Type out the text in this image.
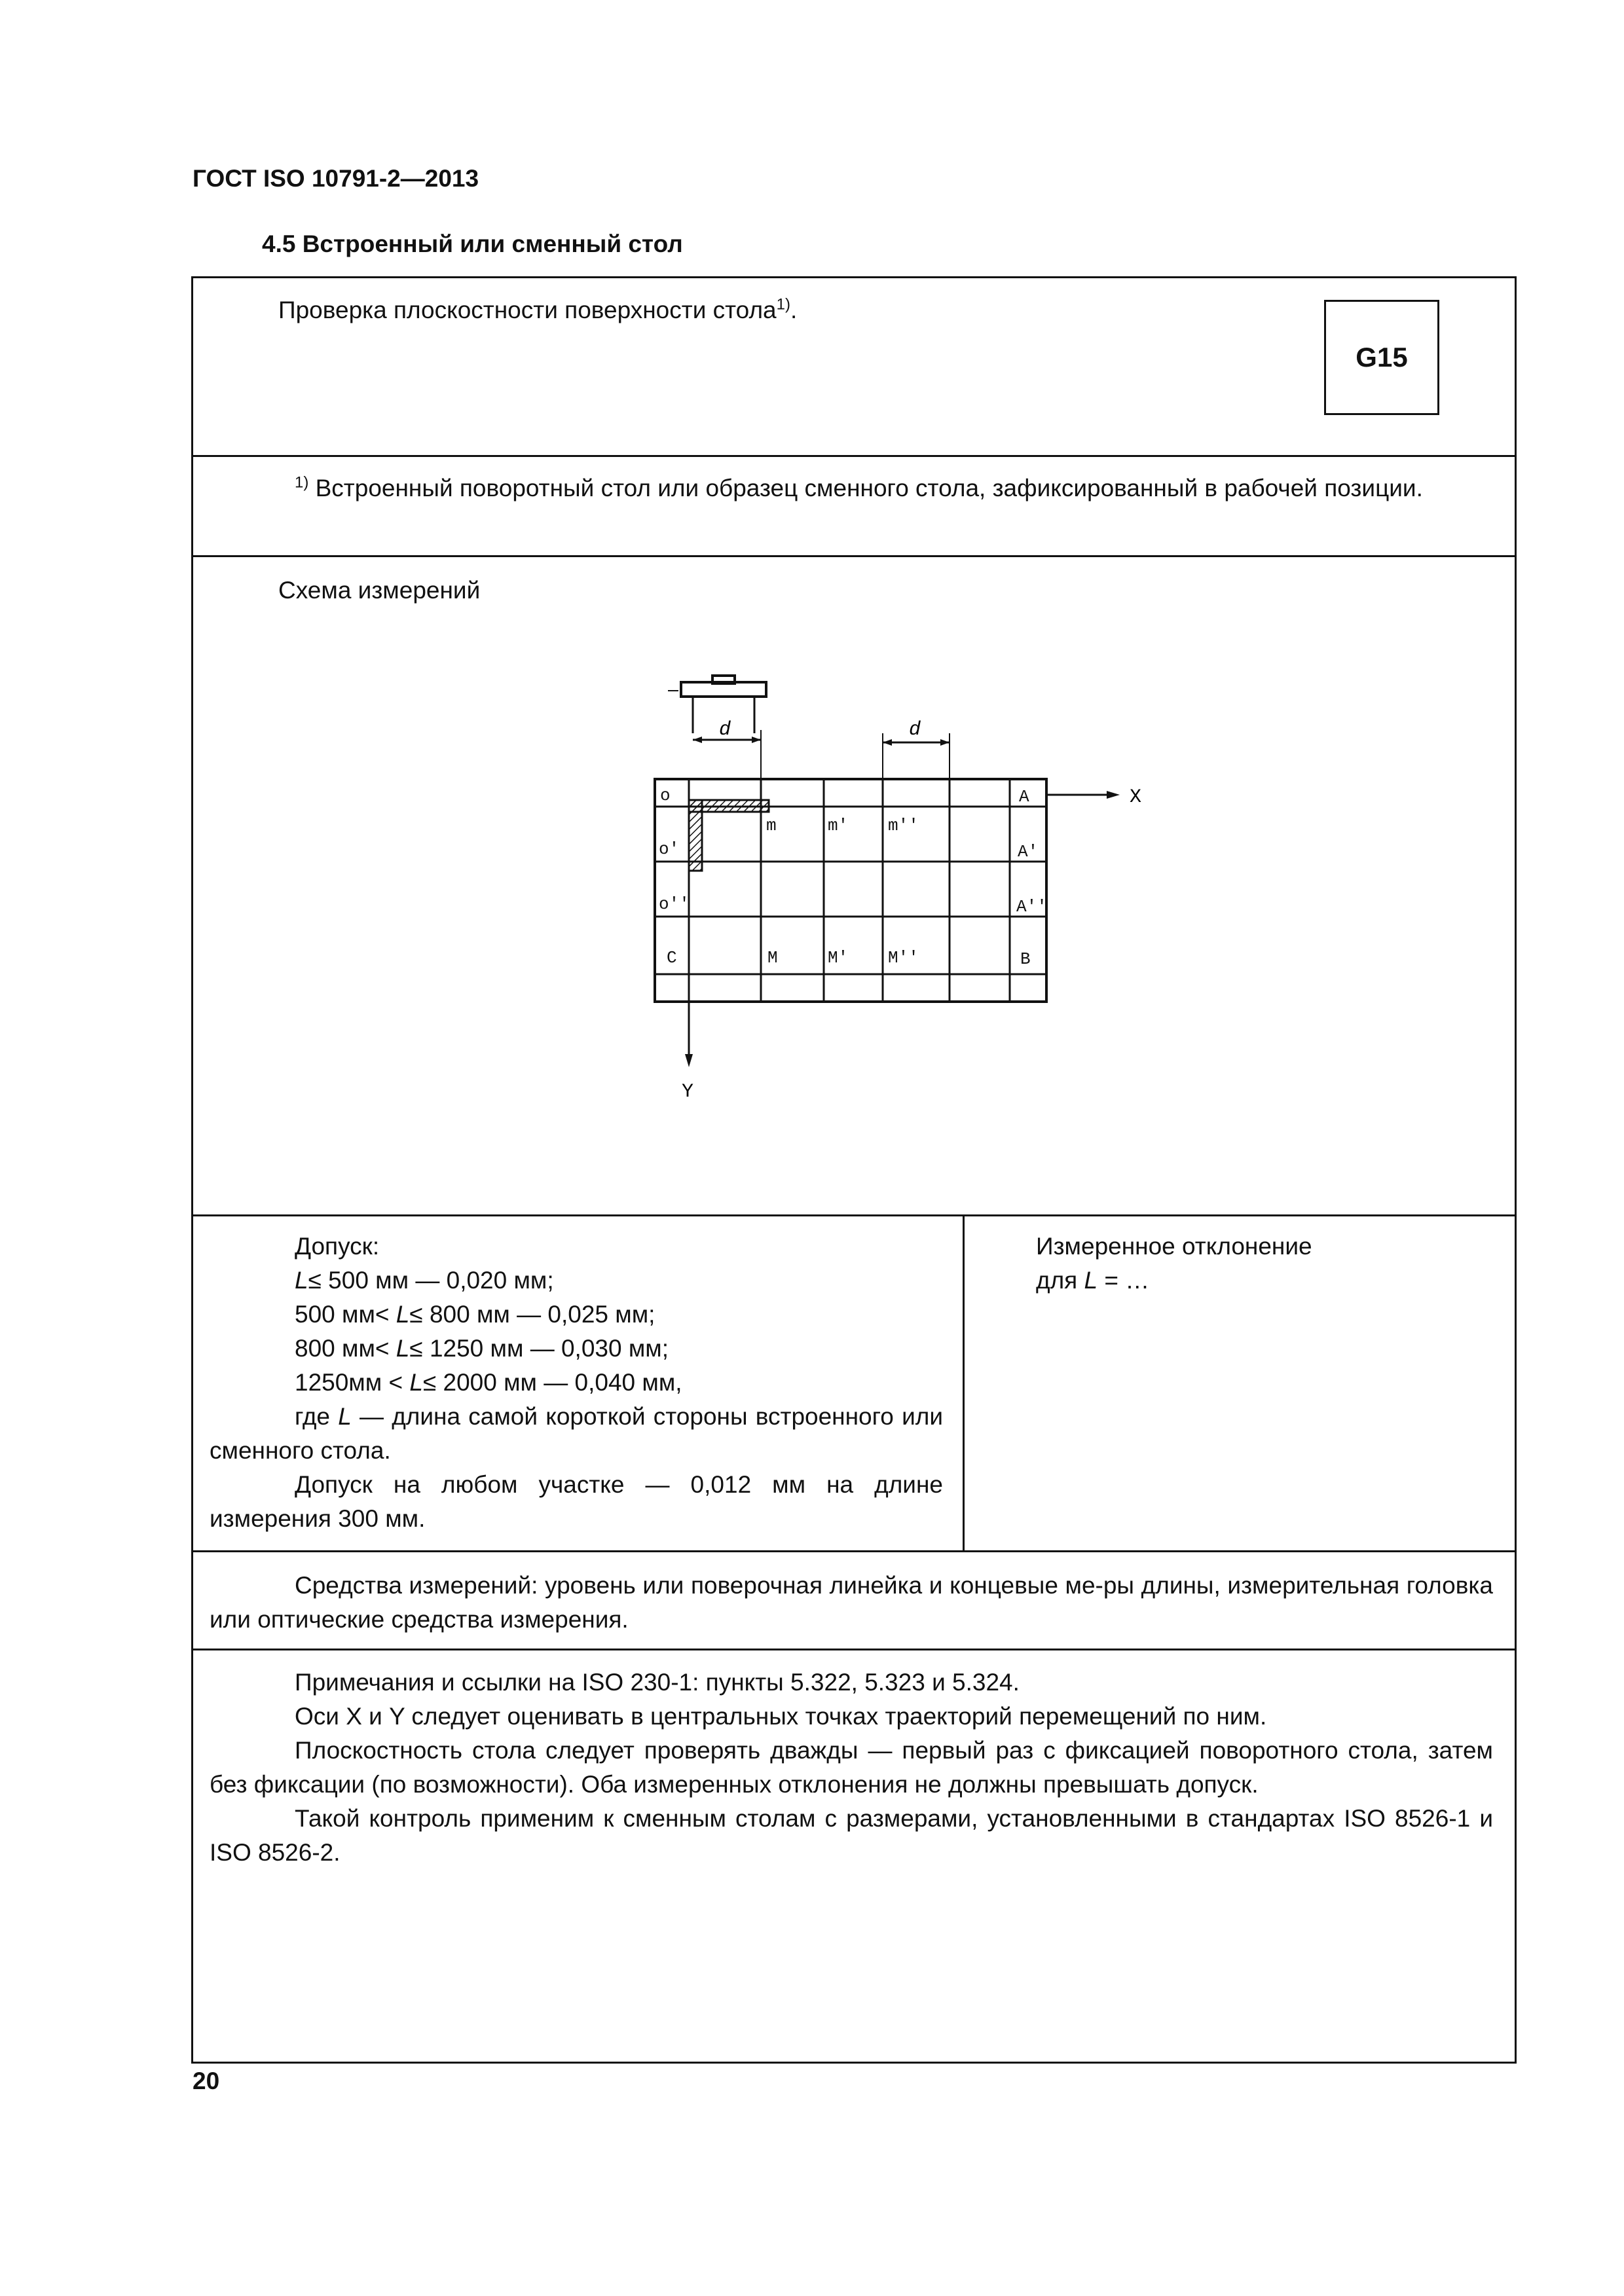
ГОСТ ISO 10791-2—2013
4.5 Встроенный или сменный стол
Проверка плоскостности поверхности стола$^{1)}$.
G15
$^{1)}$ Встроенный поворотный стол или образец сменного стола, зафиксированный в рабочей позиции.
Схема измерений
d	d
X
Y
o
o'
o''
m	m' m''
A
A'
A''
C	M	M' M''	B
Допуск:
L≤ 500 мм — 0,020 мм;
500 мм< L≤ 800 мм — 0,025 мм;
800 мм< L≤ 1250 мм — 0,030 мм;
1250мм < L≤ 2000 мм — 0,040 мм,
где L — длина самой короткой стороны встроенного или сменного стола.
Допуск на любом участке — 0,012 мм на длине измерения 300 мм.
Измеренное отклонение
для L = …
Средства измерений: уровень или поверочная линейка и концевые ме-ры длины, измерительная головка или оптические средства измерения.
Примечания и ссылки на ISO 230-1: пункты 5.322, 5.323 и 5.324.
Оси X и Y следует оценивать в центральных точках траекторий перемещений по ним.
Плоскостность стола следует проверять дважды — первый раз с фиксацией поворотного стола, затем без фиксации (по возможности). Оба измеренных отклонения не должны превышать допуск.
Такой контроль применим к сменным столам с размерами, установленными в стандартах ISO 8526-1 и ISO 8526-2.
20
